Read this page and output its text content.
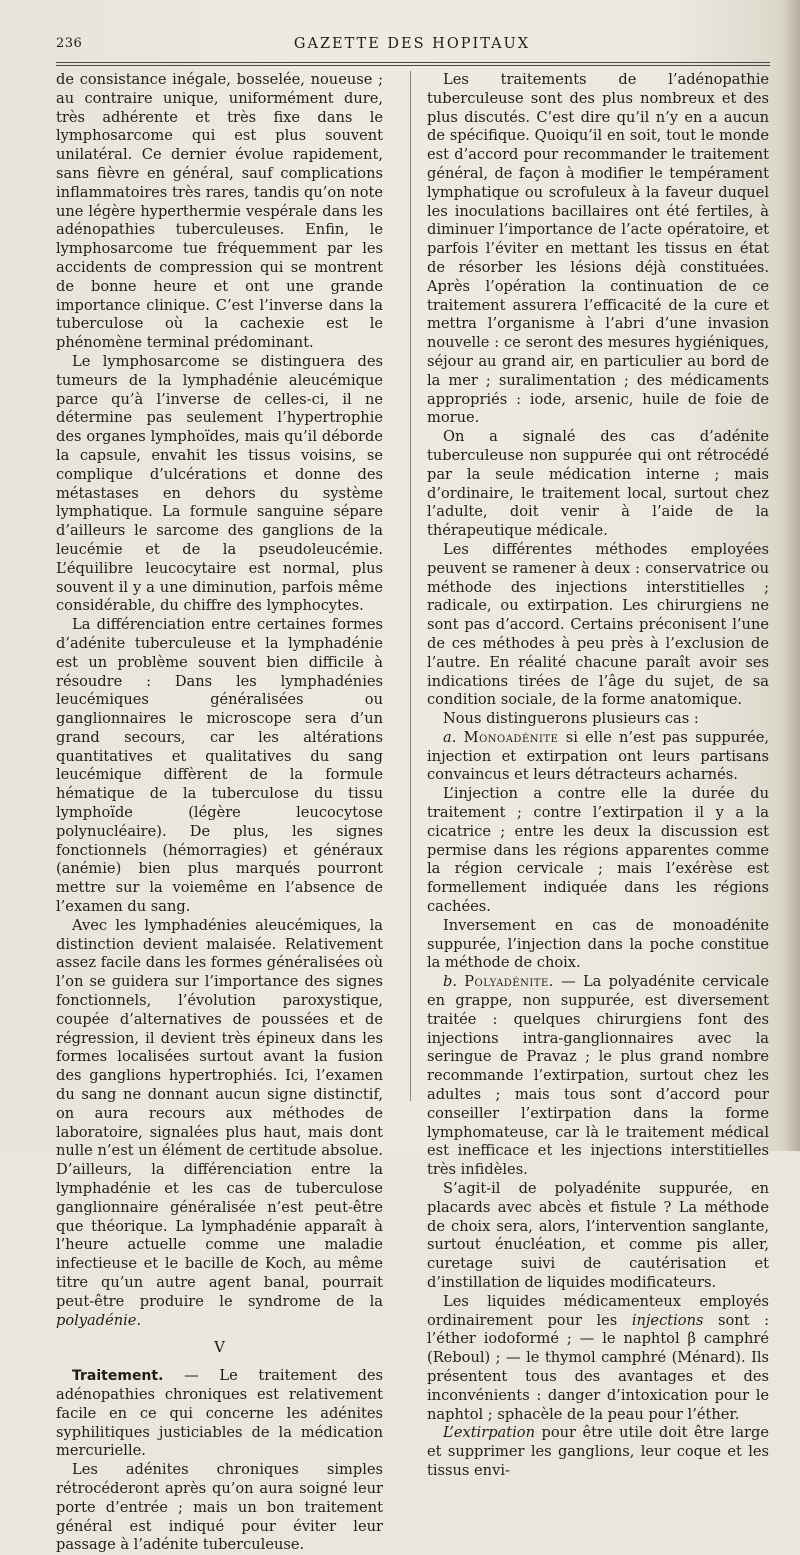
236	GAZETTE DES HOPITAUX

de consistance inégale, bosselée, noueuse ; au contraire unique, uniformément dure, très adhérente et très fixe dans le lymphosarcome qui est plus souvent unilatéral. Ce dernier évolue rapidement, sans fièvre en général, sauf complications inflammatoires très rares, tandis qu’on note une légère hyperthermie vespérale dans les adénopathies tuberculeuses. Enfin, le lymphosarcome tue fréquemment par les accidents de compression qui se montrent de bonne heure et ont une grande importance clinique. C’est l’inverse dans la tuberculose où la cachexie est le phénomène terminal prédominant.

Le lymphosarcome se distinguera des tumeurs de la lymphadénie aleucémique parce qu’à l’inverse de celles-ci, il ne détermine pas seulement l’hypertrophie des organes lymphoïdes, mais qu’il déborde la capsule, envahit les tissus voisins, se complique d’ulcérations et donne des métastases en dehors du système lymphatique. La formule sanguine sépare d’ailleurs le sarcome des ganglions de la leucémie et de la pseudoleucémie. L’équilibre leucocytaire est normal, plus souvent il y a une diminution, parfois même considérable, du chiffre des lymphocytes.

La différenciation entre certaines formes d’adénite tuberculeuse et la lymphadénie est un problème souvent bien difficile à résoudre : Dans les lymphadénies leucémiques généralisées ou ganglionnaires le microscope sera d’un grand secours, car les altérations quantitatives et qualitatives du sang leucémique diffèrent de la formule hématique de la tuberculose du tissu lymphoïde (légère leucocytose polynucléaire). De plus, les signes fonctionnels (hémorragies) et généraux (anémie) bien plus marqués pourront mettre sur la voiemême en l’absence de l’examen du sang.

Avec les lymphadénies aleucémiques, la distinction devient malaisée. Relativement assez facile dans les formes généralisées où l’on se guidera sur l’importance des signes fonctionnels, l’évolution paroxystique, coupée d’alternatives de poussées et de régression, il devient très épineux dans les formes localisées surtout avant la fusion des ganglions hypertrophiés. Ici, l’examen du sang ne donnant aucun signe distinctif, on aura recours aux méthodes de laboratoire, signalées plus haut, mais dont nulle n’est un élément de certitude absolue. D’ailleurs, la différenciation entre la lymphadénie et les cas de tuberculose ganglionnaire généralisée n’est peut-être que théorique. La lymphadénie apparaît à l’heure actuelle comme une maladie infectieuse et le bacille de Koch, au même titre qu’un autre agent banal, pourrait peut-être produire le syndrome de la polyadénie.

V

Traitement. — Le traitement des adénopathies chroniques est relativement facile en ce qui concerne les adénites syphilitiques justiciables de la médication mercurielle.

Les adénites chroniques simples rétrocéderont après qu’on aura soigné leur porte d’entrée ; mais un bon traitement général est indiqué pour éviter leur passage à l’adénite tuberculeuse.

Les traitements de l’adénopathie tuberculeuse sont des plus nombreux et des plus discutés. C’est dire qu’il n’y en a aucun de spécifique. Quoiqu’il en soit, tout le monde est d’accord pour recommander le traitement général, de façon à modifier le tempérament lymphatique ou scrofuleux à la faveur duquel les inoculations bacillaires ont été fertiles, à diminuer l’importance de l’acte opératoire, et parfois l’éviter en mettant les tissus en état de résorber les lésions déjà constituées. Après l’opération la continuation de ce traitement assurera l’efficacité de la cure et mettra l’organisme à l’abri d’une invasion nouvelle : ce seront des mesures hygiéniques, séjour au grand air, en particulier au bord de la mer ; suralimentation ; des médicaments appropriés : iode, arsenic, huile de foie de morue.

On a signalé des cas d’adénite tuberculeuse non suppurée qui ont rétrocédé par la seule médication interne ; mais d’ordinaire, le traitement local, surtout chez l’adulte, doit venir à l’aide de la thérapeutique médicale.

Les différentes méthodes employées peuvent se ramener à deux : conservatrice ou méthode des injections interstitielles ; radicale, ou extirpation. Les chirurgiens ne sont pas d’accord. Certains préconisent l’une de ces méthodes à peu près à l’exclusion de l’autre. En réalité chacune paraît avoir ses indications tirées de l’âge du sujet, de sa condition sociale, de la forme anatomique.

Nous distinguerons plusieurs cas :

a. Monoadénite si elle n’est pas suppurée, injection et extirpation ont leurs partisans convaincus et leurs détracteurs acharnés.

L’injection a contre elle la durée du traitement ; contre l’extirpation il y a la cicatrice ; entre les deux la discussion est permise dans les régions apparentes comme la région cervicale ; mais l’exérèse est formellement indiquée dans les régions cachées.

Inversement en cas de monoadénite suppurée, l’injection dans la poche constitue la méthode de choix.

b. Polyadénite. — La polyadénite cervicale en grappe, non suppurée, est diversement traitée : quelques chirurgiens font des injections intra-ganglionnaires avec la seringue de Pravaz ; le plus grand nombre recommande l’extirpation, surtout chez les adultes ; mais tous sont d’accord pour conseiller l’extirpation dans la forme lymphomateuse, car là le traitement médical est inefficace et les injections interstitielles très infidèles.

S’agit-il de polyadénite suppurée, en placards avec abcès et fistule ? La méthode de choix sera, alors, l’intervention sanglante, surtout énucléation, et comme pis aller, curetage suivi de cautérisation et d’instillation de liquides modificateurs.

Les liquides médicamenteux employés ordinairement pour les injections sont : l’éther iodoformé ; — le naphtol β camphré (Reboul) ; — le thymol camphré (Ménard). Ils présentent tous des avantages et des inconvénients : danger d’intoxication pour le naphtol ; sphacèle de la peau pour l’éther.

L’extirpation pour être utile doit être large et supprimer les ganglions, leur coque et les tissus envi-
